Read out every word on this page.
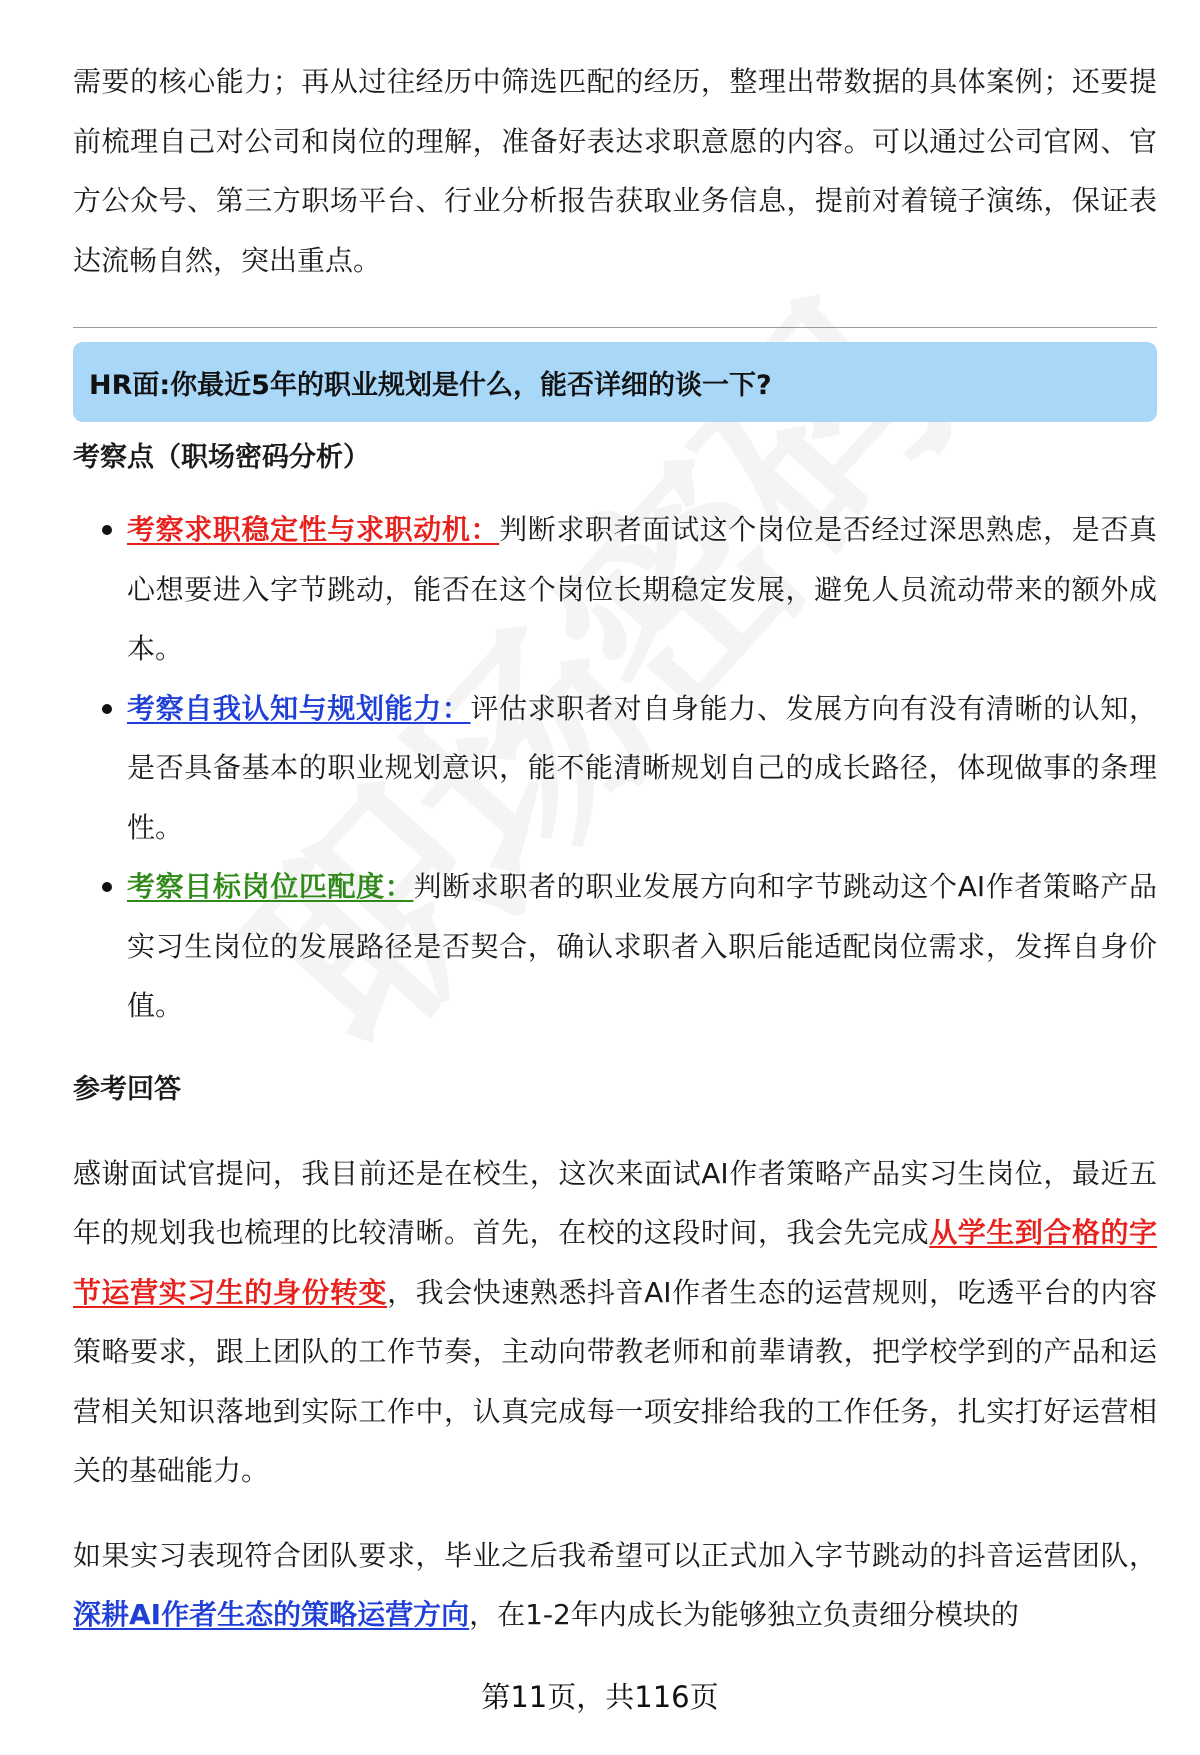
需要的核心能力；再从过往经历中筛选匹配的经历，整理出带数据的具体案例；还要提前梳理自己对公司和岗位的理解，准备好表达求职意愿的内容。可以通过公司官网、官方公众号、第三方职场平台、行业分析报告获取业务信息，提前对着镜子演练，保证表达流畅自然，突出重点。

HR面:你最近5年的职业规划是什么，能否详细的谈一下?
考察点（职场密码分析）
考察求职稳定性与求职动机：判断求职者面试这个岗位是否经过深思熟虑，是否真心想要进入字节跳动，能否在这个岗位长期稳定发展，避免人员流动带来的额外成本。
考察自我认知与规划能力：评估求职者对自身能力、发展方向有没有清晰的认知，是否具备基本的职业规划意识，能不能清晰规划自己的成长路径，体现做事的条理性。
考察目标岗位匹配度：判断求职者的职业发展方向和字节跳动这个AI作者策略产品实习生岗位的发展路径是否契合，确认求职者入职后能适配岗位需求，发挥自身价值。
参考回答

感谢面试官提问，我目前还是在校生，这次来面试AI作者策略产品实习生岗位，最近五年的规划我也梳理的比较清晰。首先，在校的这段时间，我会先完成从学生到合格的字节运营实习生的身份转变，我会快速熟悉抖音AI作者生态的运营规则，吃透平台的内容策略要求，跟上团队的工作节奏，主动向带教老师和前辈请教，把学校学到的产品和运营相关知识落地到实际工作中，认真完成每一项安排给我的工作任务，扎实打好运营相关的基础能力。

如果实习表现符合团队要求，毕业之后我希望可以正式加入字节跳动的抖音运营团队，深耕AI作者生态的策略运营方向，在1-2年内成长为能够独立负责细分模块的

第11页，共116页
